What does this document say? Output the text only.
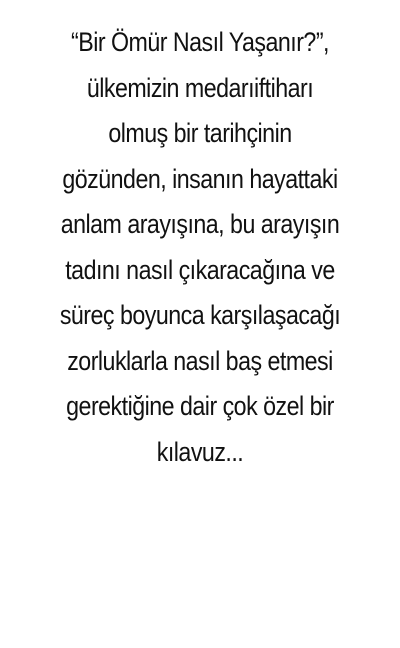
“Bir Ömür Nasıl Yaşanır?”,
ülkemizin medarıiftiharı
olmuş bir tarihçinin
gözünden, insanın hayattaki
anlam arayışına, bu arayışın
tadını nasıl çıkaracağına ve
süreç boyunca karşılaşacağı
zorluklarla nasıl baş etmesi
gerektiğine dair çok özel bir
kılavuz...
